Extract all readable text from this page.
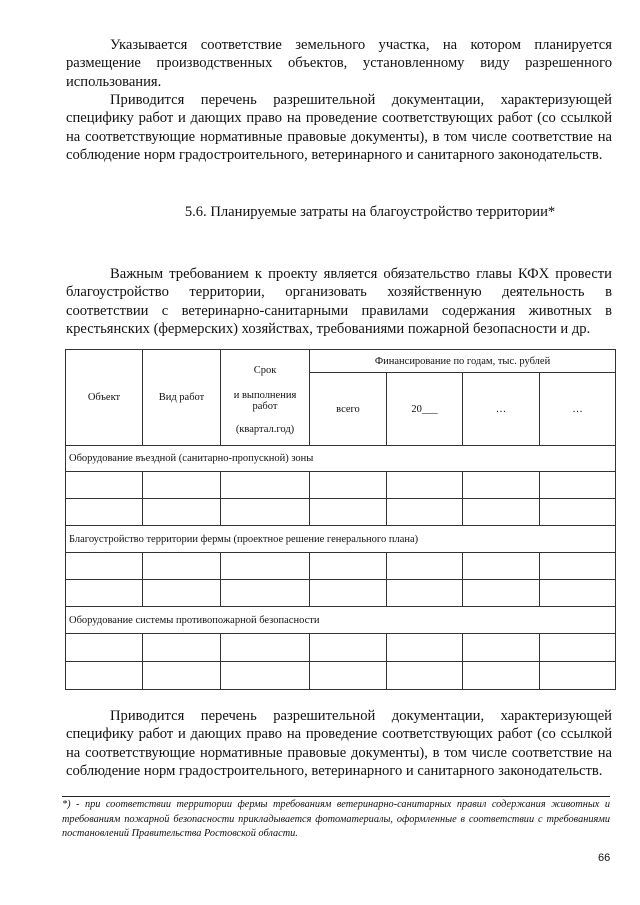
Указывается соответствие земельного участка, на котором планируется размещение производственных объектов, установленному виду разрешенного использования.

Приводится перечень разрешительной документации, характеризующей специфику работ и дающих право на проведение соответствующих работ (со ссылкой на соответствующие нормативные правовые документы), в том числе соответствие на соблюдение норм градостроительного, ветеринарного и санитарного законодательств.

5.6. Планируемые затраты на благоустройство территории*

Важным требованием к проекту является обязательство главы КФХ провести благоустройство территории, организовать хозяйственную деятельность в соответствии с ветеринарно-санитарными правилами содержания животных в крестьянских (фермерских) хозяйствах, требованиями пожарной безопасности и др.

Объект	Вид работ	Срок
и выполнения работ
(квартал.год)	Финансирование по годам, тыс. рублей			
			всего	20___	…	…
Оборудование въездной (санитарно-пропускной) зоны						

Благоустройство территории фермы (проектное решение генерального плана)						

Оборудование системы противопожарной безопасности						

Приводится перечень разрешительной документации, характеризующей специфику работ и дающих право на проведение соответствующих работ (со ссылкой на соответствующие нормативные правовые документы), в том числе соответствие на соблюдение норм градостроительного, ветеринарного и санитарного законодательств.

*) - при соответствии территории фермы требованиям ветеринарно-санитарных правил содержания животных и требованиям пожарной безопасности прикладывается фотоматериалы, оформленные в соответствии с требованиями постановлений Правительства Ростовской области.

66
